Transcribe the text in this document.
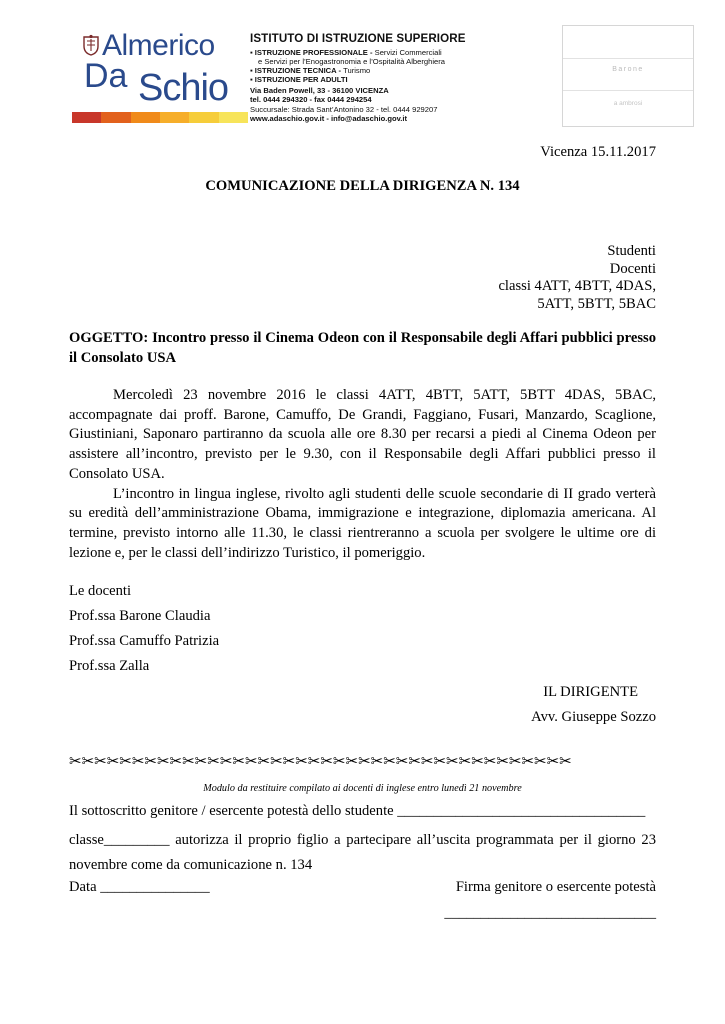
Almerico
Da Schio
ISTITUTO DI ISTRUZIONE SUPERIORE
▪ ISTRUZIONE PROFESSIONALE - Servizi Commerciali
e Servizi per l’Enogastronomia e l’Ospitalità Alberghiera
▪ ISTRUZIONE TECNICA - Turismo
▪ ISTRUZIONE PER ADULTI
Via Baden Powell, 33 - 36100 VICENZA
tel. 0444 294320 - fax 0444 294254
Succursale: Strada Sant’Antonino 32 - tel. 0444 929207
www.adaschio.gov.it - info@adaschio.gov.it
Barone
a ambrosi
Vicenza 15.11.2017
COMUNICAZIONE DELLA DIRIGENZA N. 134
Studenti
Docenti
classi 4ATT, 4BTT, 4DAS,
5ATT, 5BTT, 5BAC
OGGETTO: Incontro presso il Cinema Odeon con il Responsabile degli Affari pubblici presso il Consolato USA
Mercoledì 23 novembre 2016 le classi 4ATT, 4BTT, 5ATT, 5BTT 4DAS, 5BAC, accompagnate dai proff. Barone, Camuffo, De Grandi, Faggiano, Fusari, Manzardo, Scaglione, Giustiniani, Saponaro partiranno da scuola alle ore 8.30 per recarsi a piedi al Cinema Odeon per assistere all’incontro, previsto per le 9.30, con il Responsabile degli Affari pubblici presso il Consolato USA.
L’incontro in lingua inglese, rivolto agli studenti delle scuole secondarie di II grado verterà su eredità dell’amministrazione Obama, immigrazione e integrazione, diplomazia americana. Al termine, previsto intorno alle 11.30, le classi rientreranno a scuola per svolgere le ultime ore di lezione e, per le classi dell’indirizzo Turistico, il pomeriggio.
Le docenti
Prof.ssa Barone Claudia
Prof.ssa Camuffo Patrizia
Prof.ssa Zalla
IL DIRIGENTE
Avv. Giuseppe Sozzo
✂✂✂✂✂✂✂✂✂✂✂✂✂✂✂✂✂✂✂✂✂✂✂✂✂✂✂✂✂✂✂✂✂✂✂✂✂✂✂✂
Modulo da restituire compilato ai docenti di inglese entro lunedì 21 novembre
Il sottoscritto genitore / esercente potestà dello studente __________________________________
classe_________ autorizza il proprio figlio a partecipare all’uscita programmata per il giorno 23 novembre come da comunicazione n. 134
Data _______________	Firma genitore o esercente potestà
_____________________________
